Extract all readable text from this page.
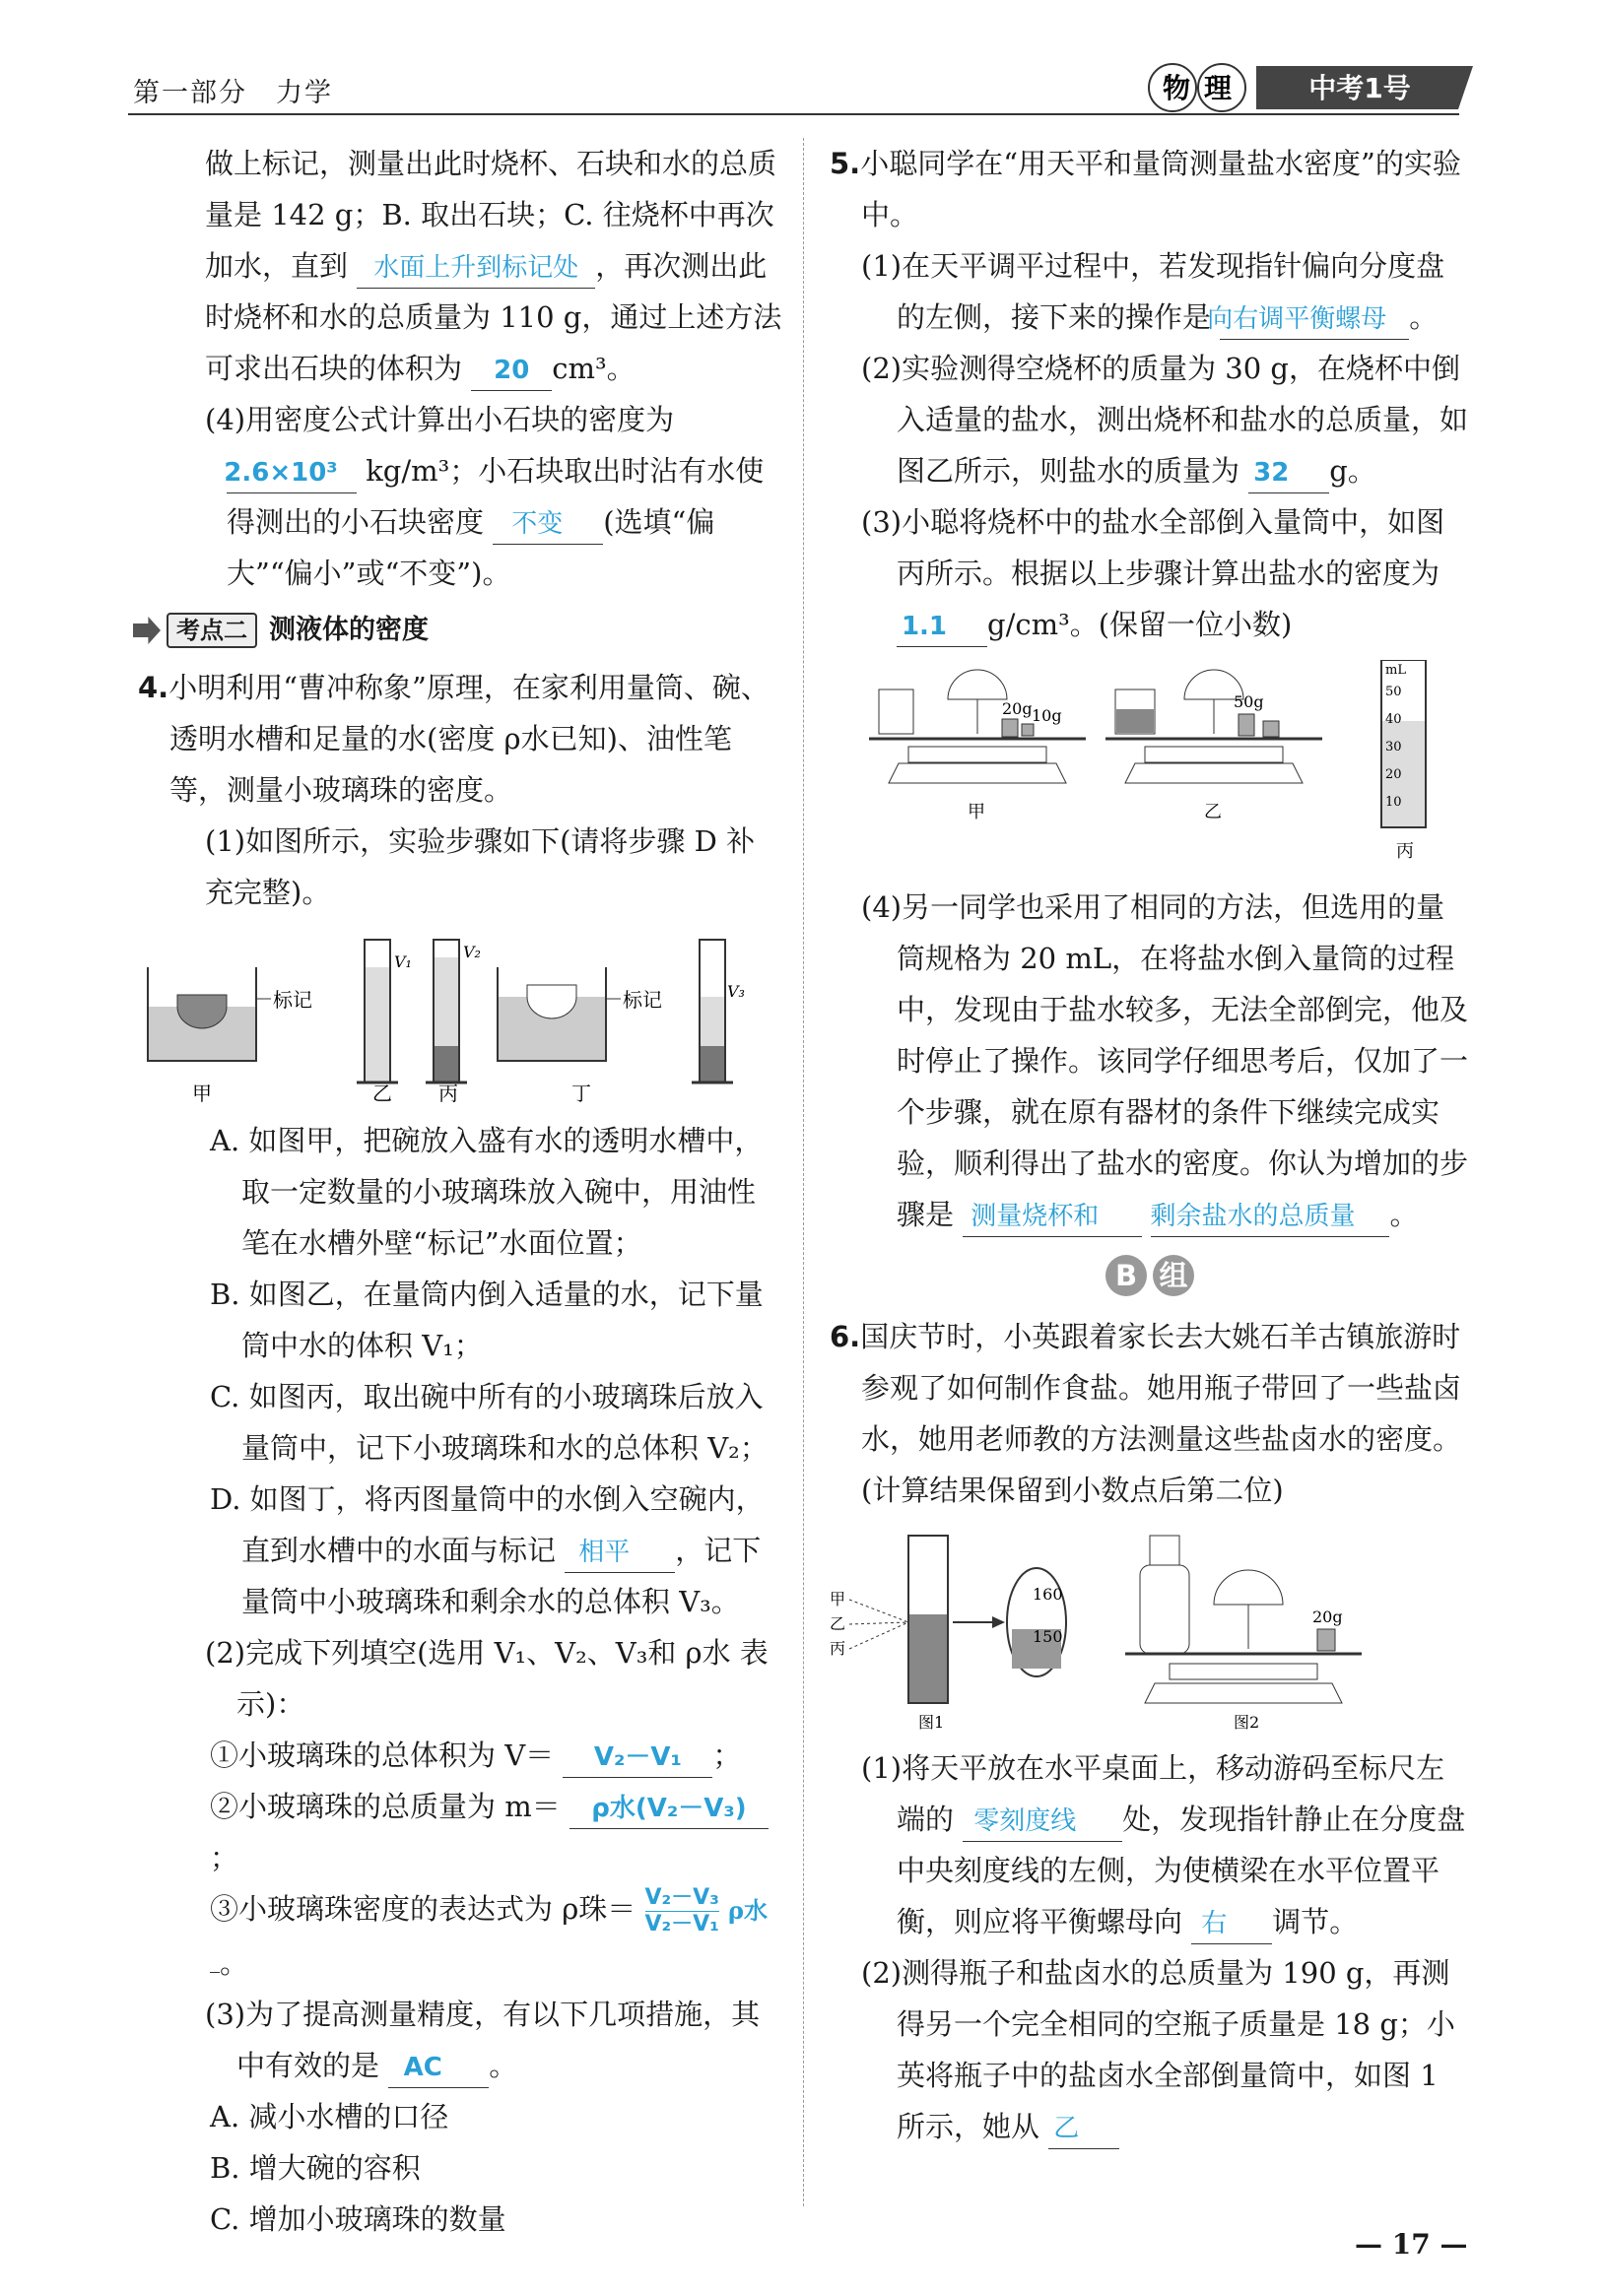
第一部分　力学	物理	中考1号

做上标记，测量出此时烧杯、石块和水的总质量是 142 g；B. 取出石块；C. 往烧杯中再次加水，直到 水面上升到标记处 ，再次测出此时烧杯和水的总质量为 110 g，通过上述方法可求出石块的体积为 20 cm³。

(4)用密度公式计算出小石块的密度为 2.6×10³ kg/m³；小石块取出时沾有水使得测出的小石块密度 不变 (选填“偏大”“偏小”或“不变”)。

考点二 测液体的密度

4.小明利用“曹冲称象”原理，在家利用量筒、碗、透明水槽和足量的水(密度 ρ水已知)、油性笔等，测量小玻璃珠的密度。

(1)如图所示，实验步骤如下(请将步骤 D 补充完整)。

标记
甲
V₁
乙
V₂
丙
标记
丁
V₃

A. 如图甲，把碗放入盛有水的透明水槽中，取一定数量的小玻璃珠放入碗中，用油性笔在水槽外壁“标记”水面位置；

B. 如图乙，在量筒内倒入适量的水，记下量筒中水的体积 V₁；

C. 如图丙，取出碗中所有的小玻璃珠后放入量筒中，记下小玻璃珠和水的总体积 V₂；

D. 如图丁，将丙图量筒中的水倒入空碗内，直到水槽中的水面与标记 相平 ，记下量筒中小玻璃珠和剩余水的总体积 V₃。

(2)完成下列填空(选用 V₁、V₂、V₃和 ρ水 表示)：

①小玻璃珠的总体积为 V＝ V₂－V₁ ；

②小玻璃珠的总质量为 m＝ ρ水(V₂－V₃)；

③小玻璃珠密度的表达式为 ρ珠＝ $\frac{\text{V₂－V₃}}{\text{V₂－V₁}}$ ρ水 。

(3)为了提高测量精度，有以下几项措施，其中有效的是 AC 。

A. 减小水槽的口径

B. 增大碗的容积

C. 增加小玻璃珠的数量

5.小聪同学在“用天平和量筒测量盐水密度”的实验中。

(1)在天平调平过程中，若发现指针偏向分度盘的左侧，接下来的操作是 向右调平衡螺母 。

(2)实验测得空烧杯的质量为 30 g，在烧杯中倒入适量的盐水，测出烧杯和盐水的总质量，如图乙所示，则盐水的质量为 32 g。

(3)小聪将烧杯中的盐水全部倒入量筒中，如图丙所示。根据以上步骤计算出盐水的密度为 1.1 g/cm³。(保留一位小数)

20g 10g
甲
50g
乙
mL
50
40
30
20
10
丙

(4)另一同学也采用了相同的方法，但选用的量筒规格为 20 mL，在将盐水倒入量筒的过程中，发现由于盐水较多，无法全部倒完，他及时停止了操作。该同学仔细思考后，仅加了一个步骤，就在原有器材的条件下继续完成实验，顺利得出了盐水的密度。你认为增加的步骤是 测量烧杯和 剩余盐水的总质量 。

B 组

6.国庆节时，小英跟着家长去大姚石羊古镇旅游时参观了如何制作食盐。她用瓶子带回了一些盐卤水，她用老师教的方法测量这些盐卤水的密度。(计算结果保留到小数点后第二位)

甲
乙
丙
160
150
图1
20g
图2

(1)将天平放在水平桌面上，移动游码至标尺左端的 零刻度线 处，发现指针静止在分度盘中央刻度线的左侧，为使横梁在水平位置平衡，则应将平衡螺母向 右 调节。

(2)测得瓶子和盐卤水的总质量为 190 g，再测得另一个完全相同的空瓶子质量是 18 g；小英将瓶子中的盐卤水全部倒量筒中，如图 1 所示，她从 乙

— 17 —
